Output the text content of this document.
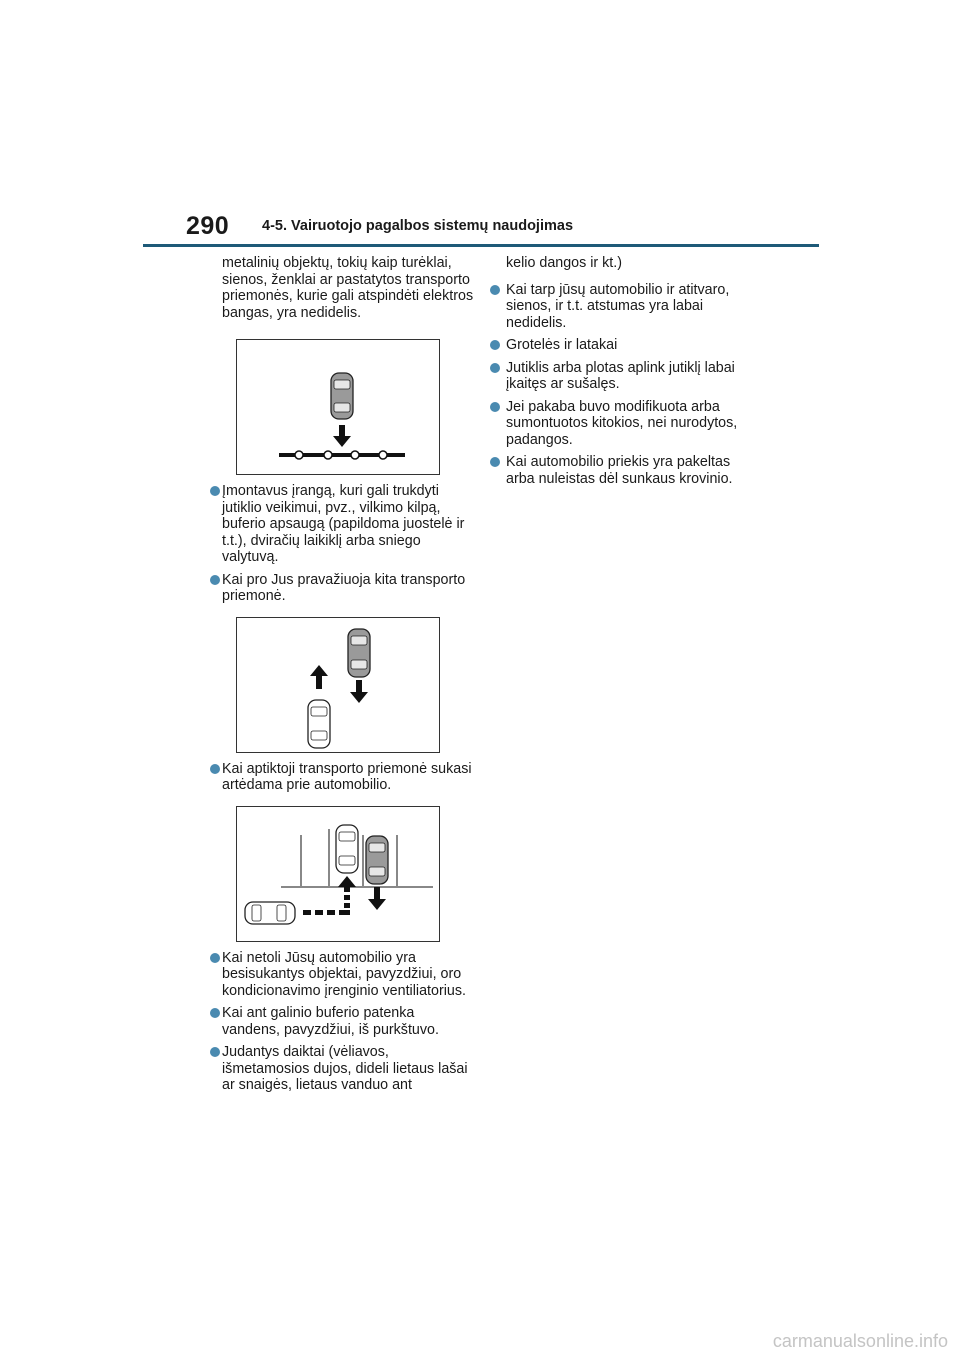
290 4-5. Vairuotojo pagalbos sistemų naudojimas

metalinių objektų, tokių kaip turėklai, sienos, ženklai ar pastatytos transporto priemonės, kurie gali atspindėti elektros bangas, yra nedidelis.

Įmontavus įrangą, kuri gali trukdyti jutiklio veikimui, pvz., vilkimo kilpą, buferio apsaugą (papildoma juostelė ir t.t.), dviračių laikiklį arba sniego valytuvą.

Kai pro Jus pravažiuoja kita transporto priemonė.

Kai aptiktoji transporto priemonė sukasi artėdama prie automobilio.

Kai netoli Jūsų automobilio yra besisukantys objektai, pavyzdžiui, oro kondicionavimo įrenginio ventiliatorius.

Kai ant galinio buferio patenka vandens, pavyzdžiui, iš purkštuvo.

Judantys daiktai (vėliavos, išmetamosios dujos, dideli lietaus lašai ar snaigės, lietaus vanduo ant

kelio dangos ir kt.)

Kai tarp jūsų automobilio ir atitvaro, sienos, ir t.t. atstumas yra labai nedidelis.

Grotelės ir latakai

Jutiklis arba plotas aplink jutiklį labai įkaitęs ar sušalęs.

Jei pakaba buvo modifikuota arba sumontuotos kitokios, nei nurodytos, padangos.

Kai automobilio priekis yra pakeltas arba nuleistas dėl sunkaus krovinio.

carmanualsonline.info
